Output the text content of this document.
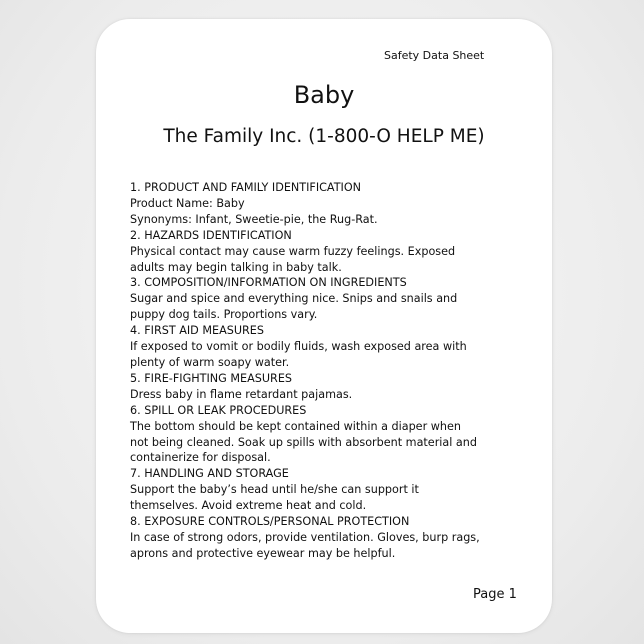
Safety Data Sheet
Baby
The Family Inc. (1-800-O HELP ME)
1. PRODUCT AND FAMILY IDENTIFICATION
Product Name: Baby
Synonyms: Infant, Sweetie-pie, the Rug-Rat.
2. HAZARDS IDENTIFICATION
Physical contact may cause warm fuzzy feelings. Exposed
adults may begin talking in baby talk.
3. COMPOSITION/INFORMATION ON INGREDIENTS
Sugar and spice and everything nice. Snips and snails and
puppy dog tails. Proportions vary.
4. FIRST AID MEASURES
If exposed to vomit or bodily fluids, wash exposed area with
plenty of warm soapy water.
5. FIRE-FIGHTING MEASURES
Dress baby in flame retardant pajamas.
6. SPILL OR LEAK PROCEDURES
The bottom should be kept contained within a diaper when
not being cleaned. Soak up spills with absorbent material and
containerize for disposal.
7. HANDLING AND STORAGE
Support the baby’s head until he/she can support it
themselves. Avoid extreme heat and cold.
8. EXPOSURE CONTROLS/PERSONAL PROTECTION
In case of strong odors, provide ventilation. Gloves, burp rags,
aprons and protective eyewear may be helpful.
Page 1
